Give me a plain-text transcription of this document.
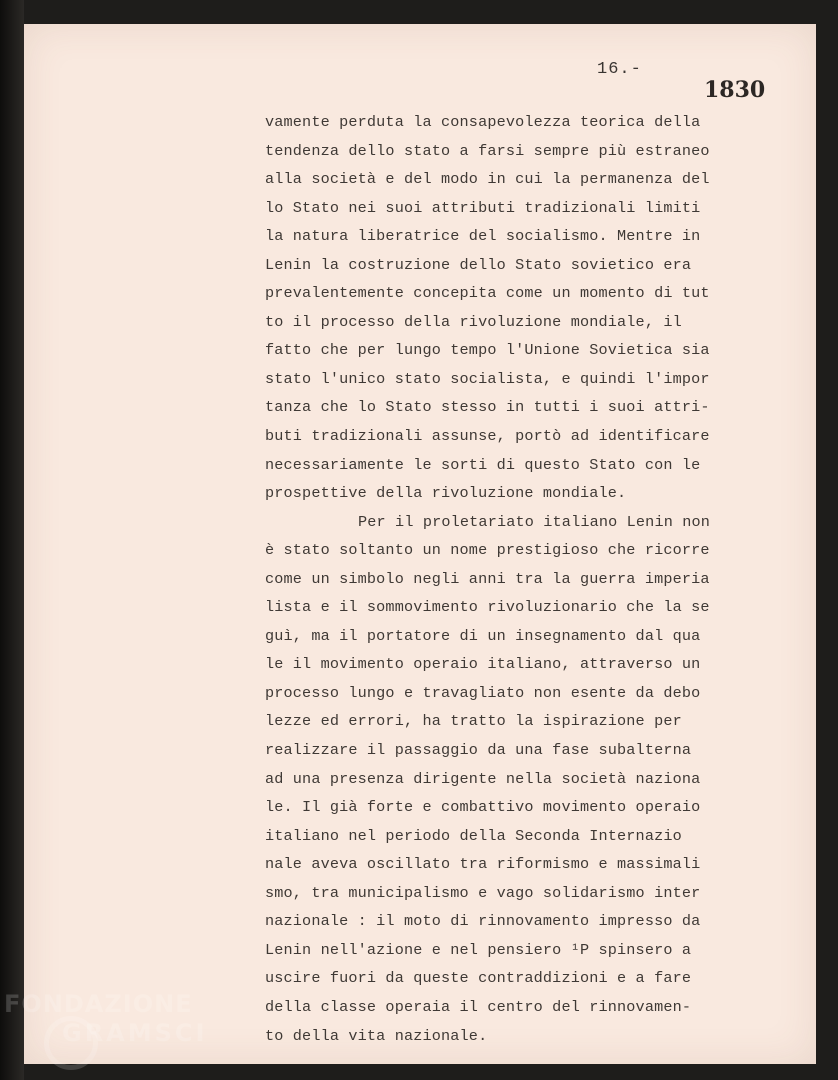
16.-
1830
vamente perduta la consapevolezza teorica della
tendenza dello stato a farsi sempre più estraneo
alla società e del modo in cui la permanenza del
lo Stato nei suoi attributi tradizionali limiti
la natura liberatrice del socialismo. Mentre in
Lenin la costruzione dello Stato sovietico era
prevalentemente concepita come un momento di tut
to il processo della rivoluzione mondiale, il
fatto che per lungo tempo l'Unione Sovietica sia
stato l'unico stato socialista, e quindi l'impor
tanza che lo Stato stesso in tutti i suoi attri-
buti tradizionali assunse, portò ad identificare
necessariamente le sorti di questo Stato con le
prospettive della rivoluzione mondiale.
Per il proletariato italiano Lenin non
è stato soltanto un nome prestigioso che ricorre
come un simbolo negli anni tra la guerra imperia
lista e il sommovimento rivoluzionario che la se
guì, ma il portatore di un insegnamento dal qua
le il movimento operaio italiano, attraverso un
processo lungo e travagliato non esente da debo
lezze ed errori, ha tratto la ispirazione per
realizzare il passaggio da una fase subalterna
ad una presenza dirigente nella società naziona
le. Il già forte e combattivo movimento operaio
italiano nel periodo della Seconda Internazio
nale aveva oscillato tra riformismo e massimali
smo, tra municipalismo e vago solidarismo inter
nazionale : il moto di rinnovamento impresso da
Lenin nell'azione e nel pensiero ¹P spinsero a
uscire fuori da queste contraddizioni e a fare
della classe operaia il centro del rinnovamen-
to della vita nazionale.
FONDAZIONE
GRAMSCI
